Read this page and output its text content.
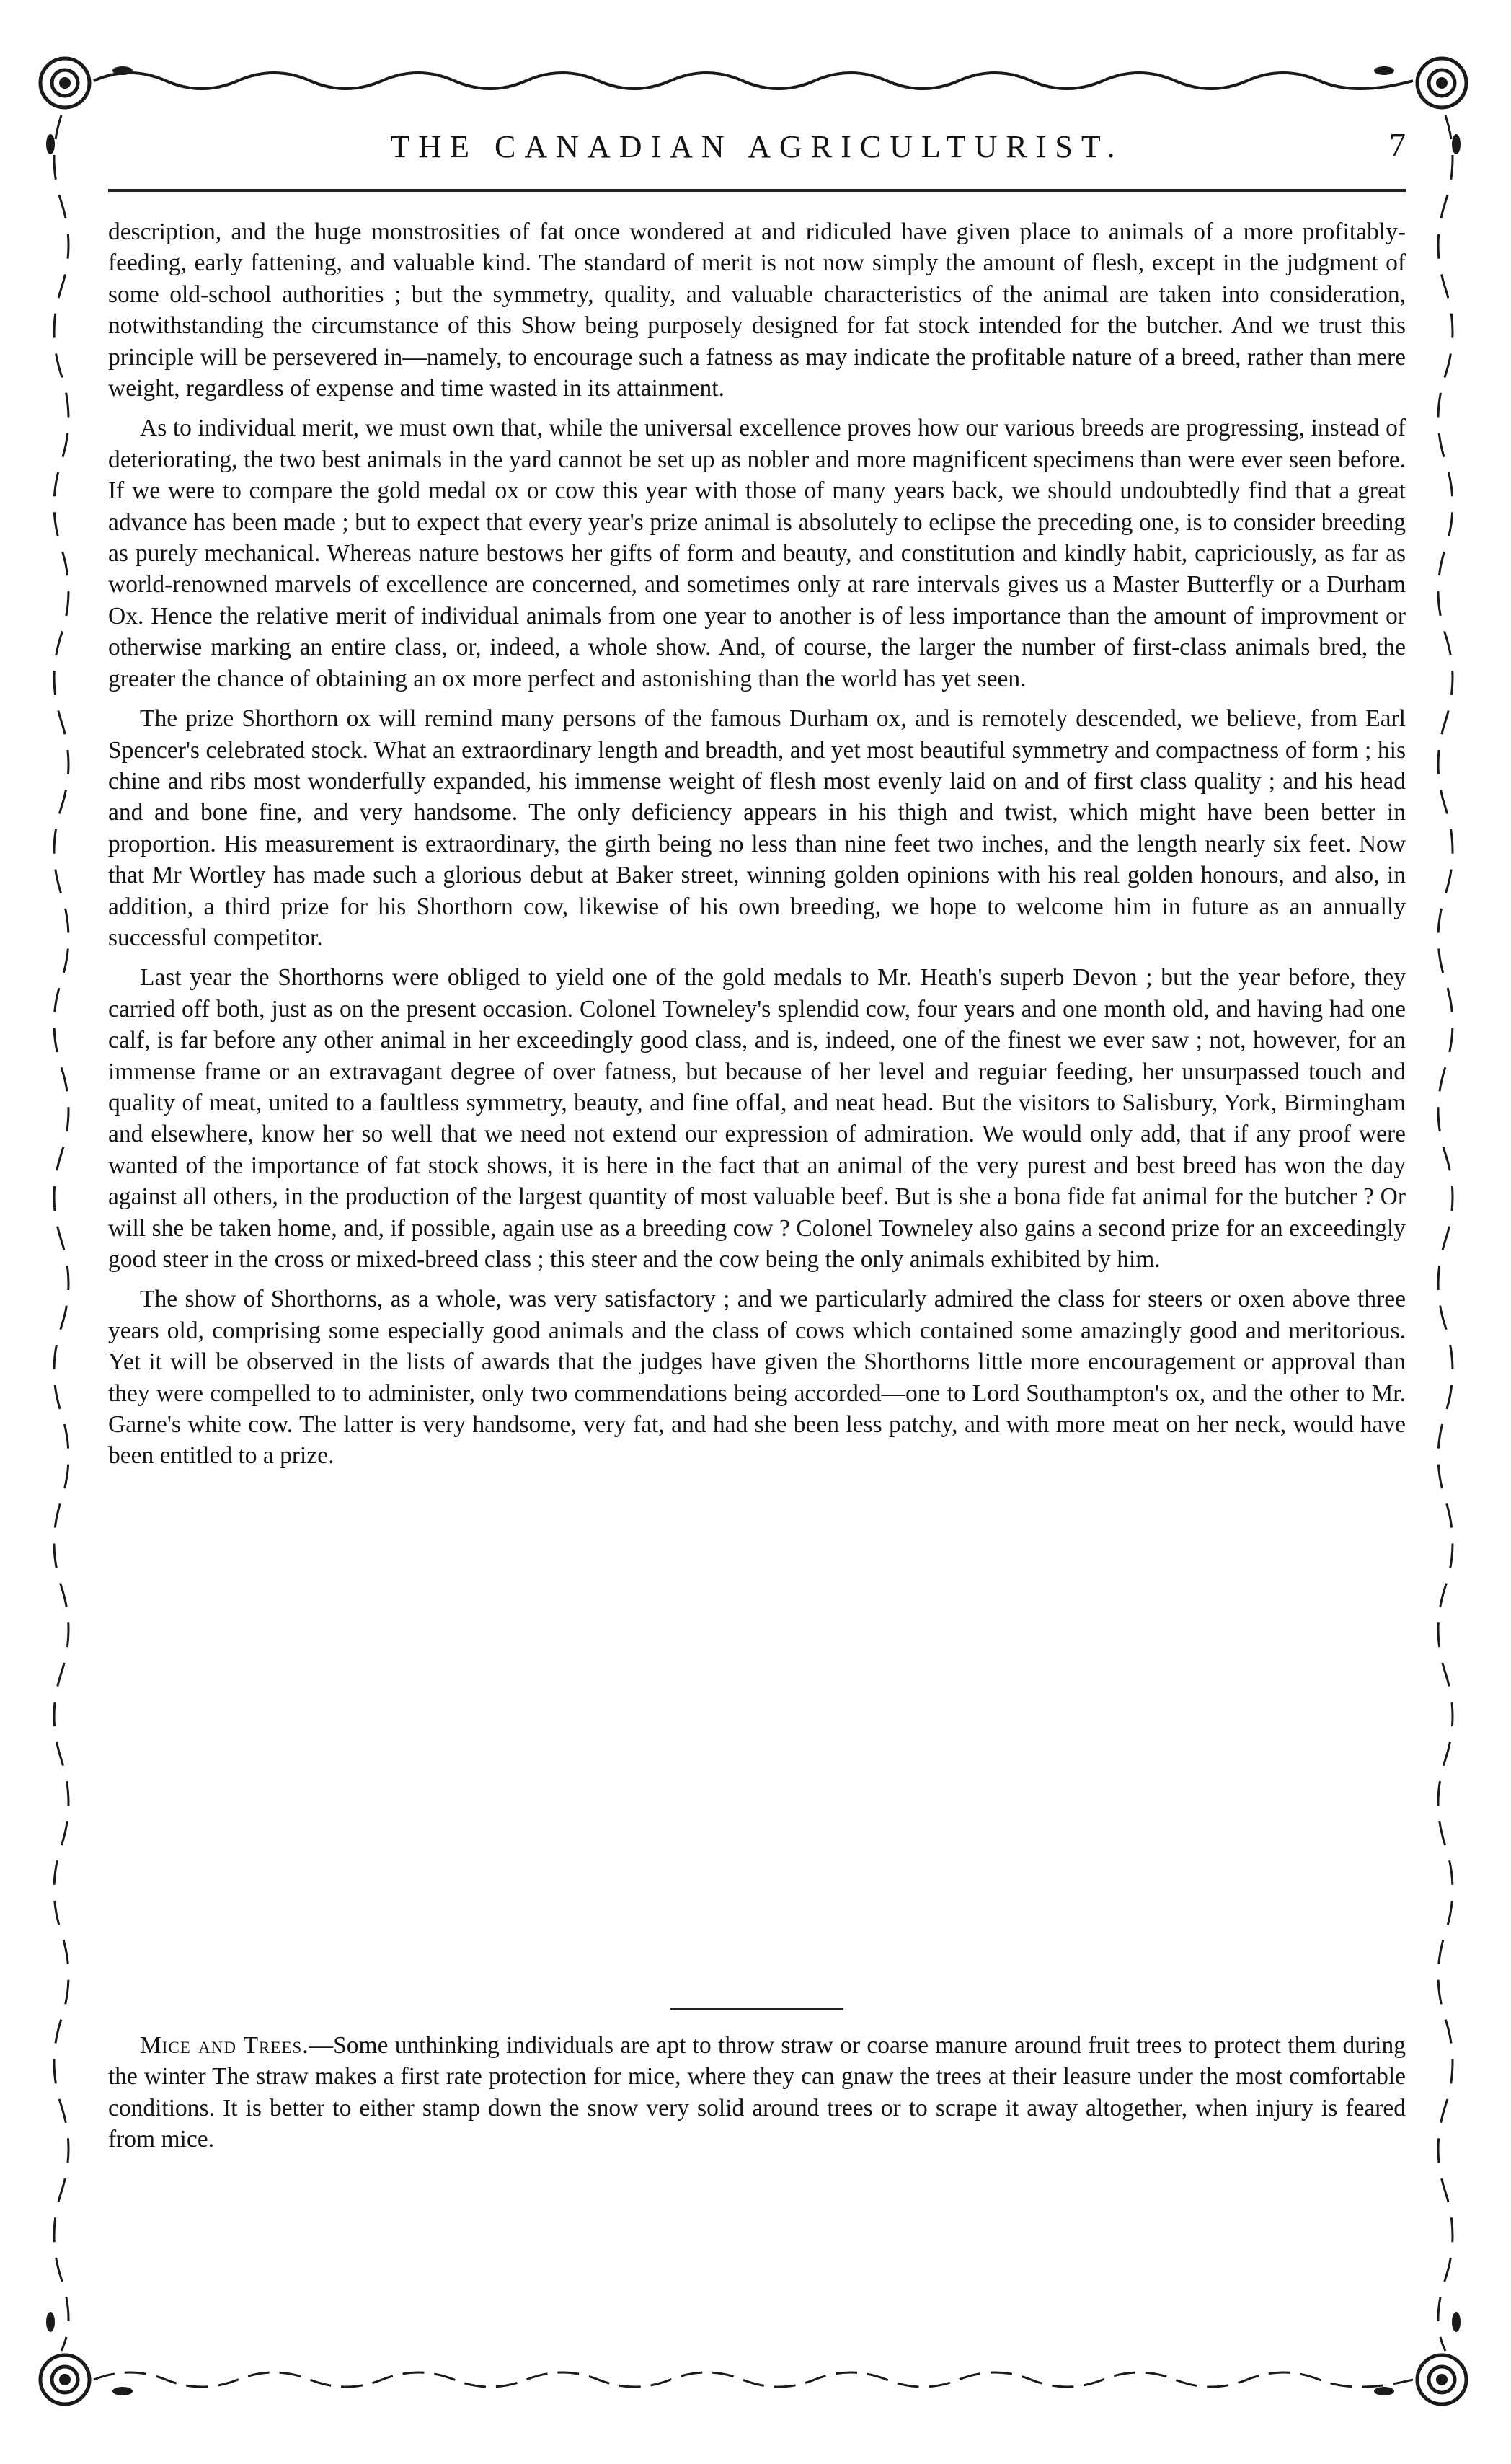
THE CANADIAN AGRICULTURIST.	7

description, and the huge monstrosities of fat once wondered at and ridiculed have given place to animals of a more profitably-feeding, early fattening, and valuable kind. The standard of merit is not now simply the amount of flesh, except in the judgment of some old-school authorities ; but the symmetry, quality, and valuable characteristics of the animal are taken into consideration, notwithstanding the circumstance of this Show being purposely designed for fat stock intended for the butcher. And we trust this principle will be persevered in—namely, to encourage such a fatness as may indicate the profitable nature of a breed, rather than mere weight, regardless of expense and time wasted in its attainment.

As to individual merit, we must own that, while the universal excellence proves how our various breeds are progressing, instead of deteriorating, the two best animals in the yard cannot be set up as nobler and more magnificent specimens than were ever seen before. If we were to compare the gold medal ox or cow this year with those of many years back, we should undoubtedly find that a great advance has been made ; but to expect that every year's prize animal is absolutely to eclipse the preceding one, is to consider breeding as purely mechanical. Whereas nature bestows her gifts of form and beauty, and constitution and kindly habit, capriciously, as far as world-renowned marvels of excellence are concerned, and sometimes only at rare intervals gives us a Master Butterfly or a Durham Ox. Hence the relative merit of individual animals from one year to another is of less importance than the amount of improvment or otherwise marking an entire class, or, indeed, a whole show. And, of course, the larger the number of first-class animals bred, the greater the chance of obtaining an ox more perfect and astonishing than the world has yet seen.

The prize Shorthorn ox will remind many persons of the famous Durham ox, and is remotely descended, we believe, from Earl Spencer's celebrated stock. What an extraordinary length and breadth, and yet most beautiful symmetry and compactness of form ; his chine and ribs most wonderfully expanded, his immense weight of flesh most evenly laid on and of first class quality ; and his head and and bone fine, and very handsome. The only deficiency appears in his thigh and twist, which might have been better in proportion. His measurement is extraordinary, the girth being no less than nine feet two inches, and the length nearly six feet. Now that Mr Wortley has made such a glorious debut at Baker street, winning golden opinions with his real golden honours, and also, in addition, a third prize for his Shorthorn cow, likewise of his own breeding, we hope to welcome him in future as an annually successful competitor.

Last year the Shorthorns were obliged to yield one of the gold medals to Mr. Heath's superb Devon ; but the year before, they carried off both, just as on the present occasion. Colonel Towneley's splendid cow, four years and one month old, and having had one calf, is far before any other animal in her exceedingly good class, and is, indeed, one of the finest we ever saw ; not, however, for an immense frame or an extravagant degree of over fatness, but because of her level and reguiar feeding, her unsurpassed touch and quality of meat, united to a faultless symmetry, beauty, and fine offal, and neat head. But the visitors to Salisbury, York, Birmingham and elsewhere, know her so well that we need not extend our expression of admiration. We would only add, that if any proof were wanted of the importance of fat stock shows, it is here in the fact that an animal of the very purest and best breed has won the day against all others, in the production of the largest quantity of most valuable beef. But is she a bona fide fat animal for the butcher ? Or will she be taken home, and, if possible, again use as a breeding cow ? Colonel Towneley also gains a second prize for an exceedingly good steer in the cross or mixed-breed class ; this steer and the cow being the only animals exhibited by him.

The show of Shorthorns, as a whole, was very satisfactory ; and we particularly admired the class for steers or oxen above three years old, comprising some especially good animals and the class of cows which contained some amazingly good and meritorious. Yet it will be observed in the lists of awards that the judges have given the Shorthorns little more encouragement or approval than they were compelled to to administer, only two commendations being accorded—one to Lord Southampton's ox, and the other to Mr. Garne's white cow. The latter is very handsome, very fat, and had she been less patchy, and with more meat on her neck, would have been entitled to a prize.

Mice and Trees.—Some unthinking individuals are apt to throw straw or coarse manure around fruit trees to protect them during the winter The straw makes a first rate protection for mice, where they can gnaw the trees at their leasure under the most comfortable conditions. It is better to either stamp down the snow very solid around trees or to scrape it away altogether, when injury is feared from mice.
